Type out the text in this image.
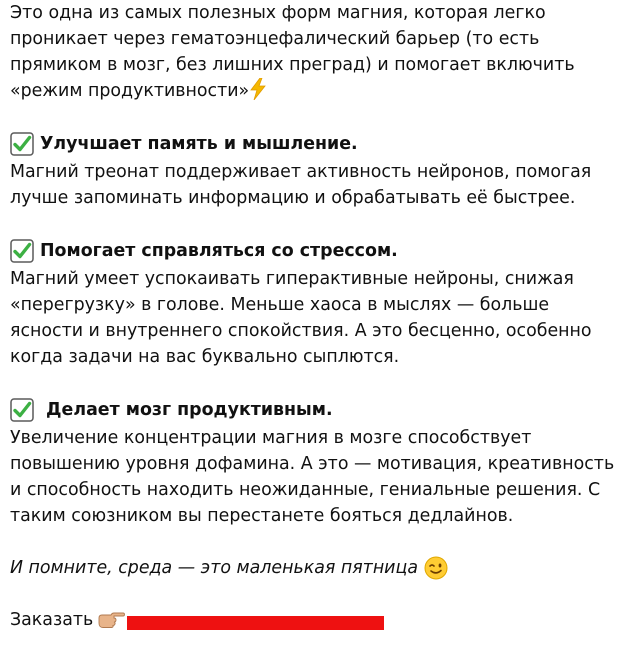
Это одна из самых полезных форм магния, которая легко проникает через гематоэнцефалический барьер (то есть прямиком в мозг, без лишних преград) и помогает включить «режим продуктивности»

Улучшает память и мышление.

Магний треонат поддерживает активность нейронов, помогая лучше запоминать информацию и обрабатывать её быстрее.

Помогает справляться со стрессом.

Магний умеет успокаивать гиперактивные нейроны, снижая «перегрузку» в голове. Меньше хаоса в мыслях — больше ясности и внутреннего спокойствия. А это бесценно, особенно когда задачи на вас буквально сыплются.

Делает мозг продуктивным.

Увеличение концентрации магния в мозге способствует повышению уровня дофамина. А это — мотивация, креативность и способность находить неожиданные, гениальные решения. С таким союзником вы перестанете бояться дедлайнов.

И помните, среда — это маленькая пятница
Заказать
